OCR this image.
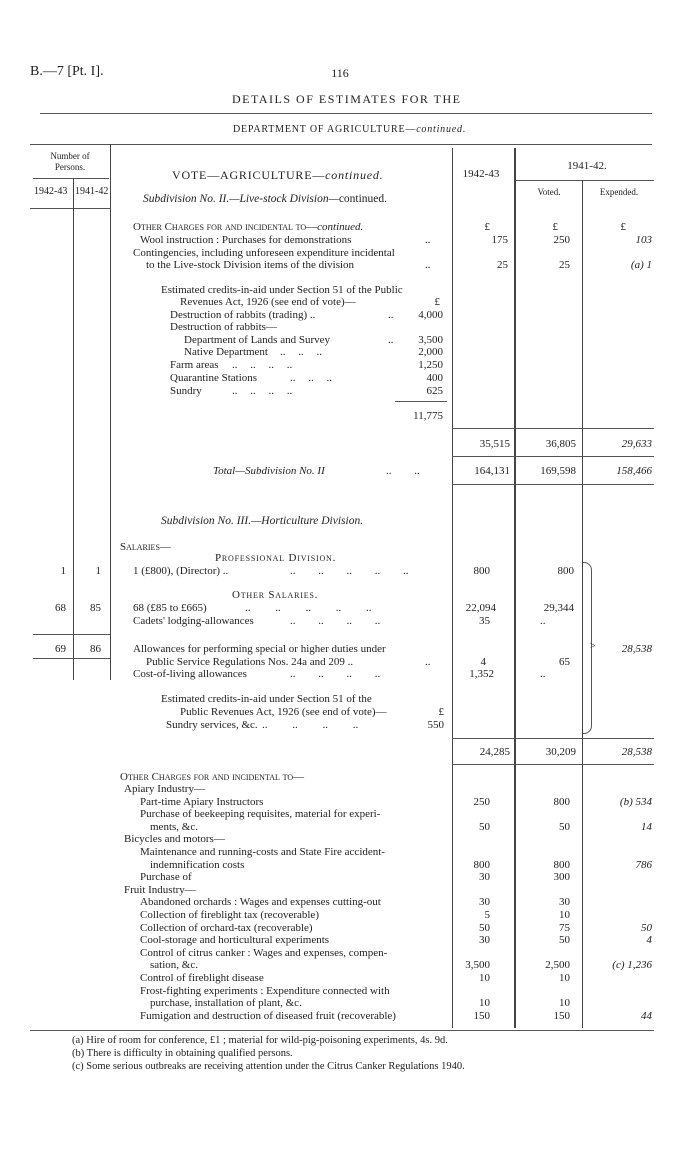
B.—7 [Pt. I].	116
DETAILS OF ESTIMATES FOR THE
DEPARTMENT OF AGRICULTURE—continued.
Number of Persons.
1942-43 1941-42
VOTE—AGRICULTURE—continued.	1942-43
1941-42.
Voted.	Expended.
Subdivision No. II.—Live-stock Division—continued.
Other Charges for and incidental to—continued.	£	£	£
Wool instruction : Purchases for demonstrations	..	175	250	103
Contingencies, including unforeseen expenditure incidental
to the Live-stock Division items of the division	..	25	25	(a) 1
Estimated credits-in-aid under Section 51 of the Public
Revenues Act, 1926 (see end of vote)—	£
Destruction of rabbits (trading) ..	..	4,000
Destruction of rabbits—
Department of Lands and Survey	..	3,500
Native Department .. .. ..	2,000
Farm areas .. .. .. ..	1,250
Quarantine Stations	.. .. ..	400
Sundry	.. .. .. ..	625
11,775
35,515	36,805	29,633
Total—Subdivision No. II	.. ..	164,131	169,598	158,466
Subdivision No. III.—Horticulture Division.
Salaries—
Professional Division.
1	1	1 (£800), (Director) ..	.. .. .. .. ..	800	800
Other Salaries.
68	85	68 (£85 to £665)	.. .. .. .. ..	22,094	29,344
Cadets' lodging-allowances	.. .. .. ..	35	..
69	86	Allowances for performing special or higher duties under
Public Service Regulations Nos. 24a and 209 ..	..	4	65
Cost-of-living allowances	.. .. .. ..	1,352	..
>	28,538
Estimated credits-in-aid under Section 51 of the
Public Revenues Act, 1926 (see end of vote)—	£
Sundry services, &c. .. .. .. ..	550
24,285	30,209	28,538
Other Charges for and incidental to—
Apiary Industry—
Part-time Apiary Instructors	250	800	(b) 534
Purchase of beekeeping requisites, material for experi-
ments, &c.	50	50	14
Bicycles and motors—
Maintenance and running-costs and State Fire accident-
indemnification costs	800	800	786
Purchase of	30	300
Fruit Industry—
Abandoned orchards : Wages and expenses cutting-out	30	30
Collection of fireblight tax (recoverable)	5	10
Collection of orchard-tax (recoverable)	50	75	50
Cool-storage and horticultural experiments	30	50	4
Control of citrus canker : Wages and expenses, compen-
sation, &c.	3,500	2,500	(c) 1,236
Control of fireblight disease	10	10
Frost-fighting experiments : Expenditure connected with
purchase, installation of plant, &c.	10	10
Fumigation and destruction of diseased fruit (recoverable)	150	150	44
(a) Hire of room for conference, £1 ; material for wild-pig-poisoning experiments, 4s. 9d.
(b) There is difficulty in obtaining qualified persons.
(c) Some serious outbreaks are receiving attention under the Citrus Canker Regulations 1940.
